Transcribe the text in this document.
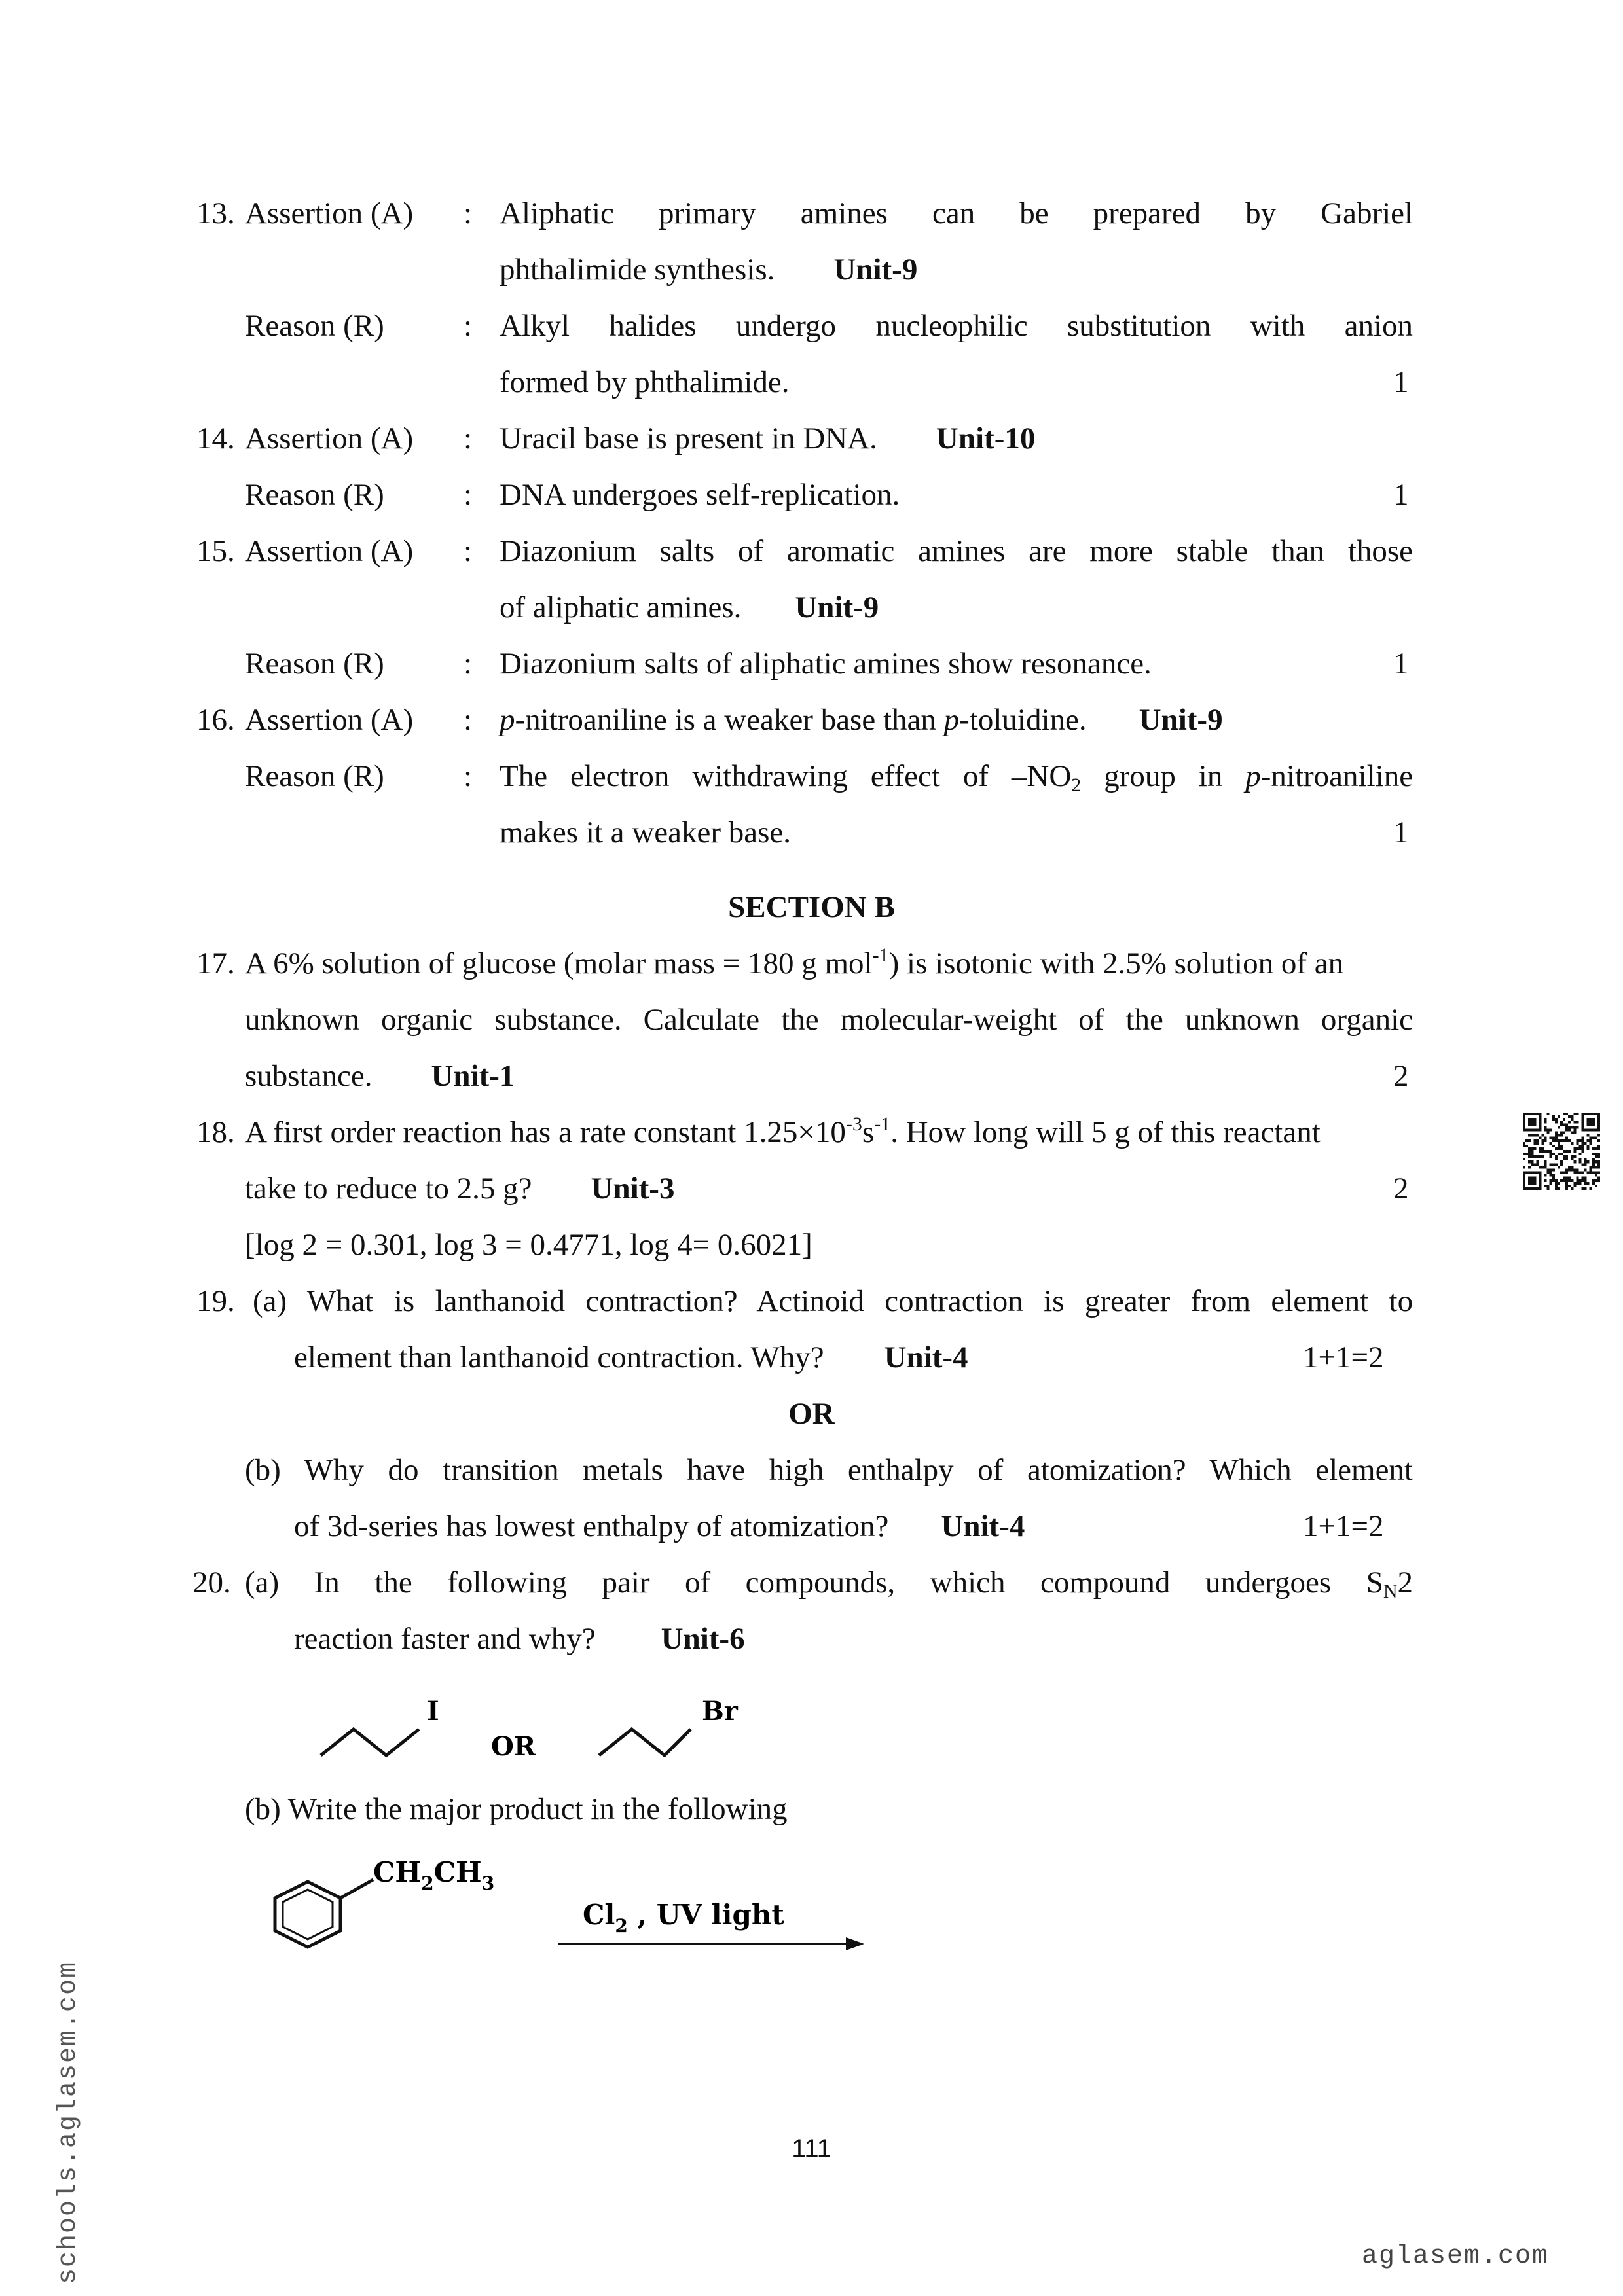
13. Assertion (A) : Aliphatic primary amines can be prepared by Gabriel
phthalimide synthesis. Unit-9
Reason (R)	: Alkyl halides undergo nucleophilic substitution with anion
formed by phthalimide.	1
14. Assertion (A) : Uracil base is present in DNA. Unit-10
Reason (R)	: DNA undergoes self-replication.	1
15. Assertion (A) : Diazonium salts of aromatic amines are more stable than those
of aliphatic amines. Unit-9
Reason (R)	: Diazonium salts of aliphatic amines show resonance.	1
16. Assertion (A) : p-nitroaniline is a weaker base than p-toluidine. Unit-9
Reason (R)	: The electron withdrawing effect of $-NO_2$ group in p-nitroaniline
makes it a weaker base.	1
SECTION B
17. A 6% solution of glucose (molar mass = 180 g mol$^{-1}$) is isotonic with 2.5% solution of an
unknown organic substance. Calculate the molecular-weight of the unknown organic
substance. Unit-1	2
18. A first order reaction has a rate constant $1.25\times 10^{-3}s^{-1}$. How long will 5 g of this reactant
take to reduce to 2.5 g? Unit-3	2
[log 2 = 0.301, log 3 = 0.4771, log 4= 0.6021]
19. (a) What is lanthanoid contraction? Actinoid contraction is greater from element to
element than lanthanoid contraction. Why? Unit-4	1+1=2
OR
(b) Why do transition metals have high enthalpy of atomization? Which element
of 3d-series has lowest enthalpy of atomization? Unit-4	1+1=2
20. (a) In the following pair of compounds, which compound undergoes $S_N2$
reaction faster and why? Unit-6
I
OR
Br
(b) Write the major product in the following
$CH_2CH_3$
$Cl_2$ , UV light
111
schools.aglasem.com	aglasem.com
